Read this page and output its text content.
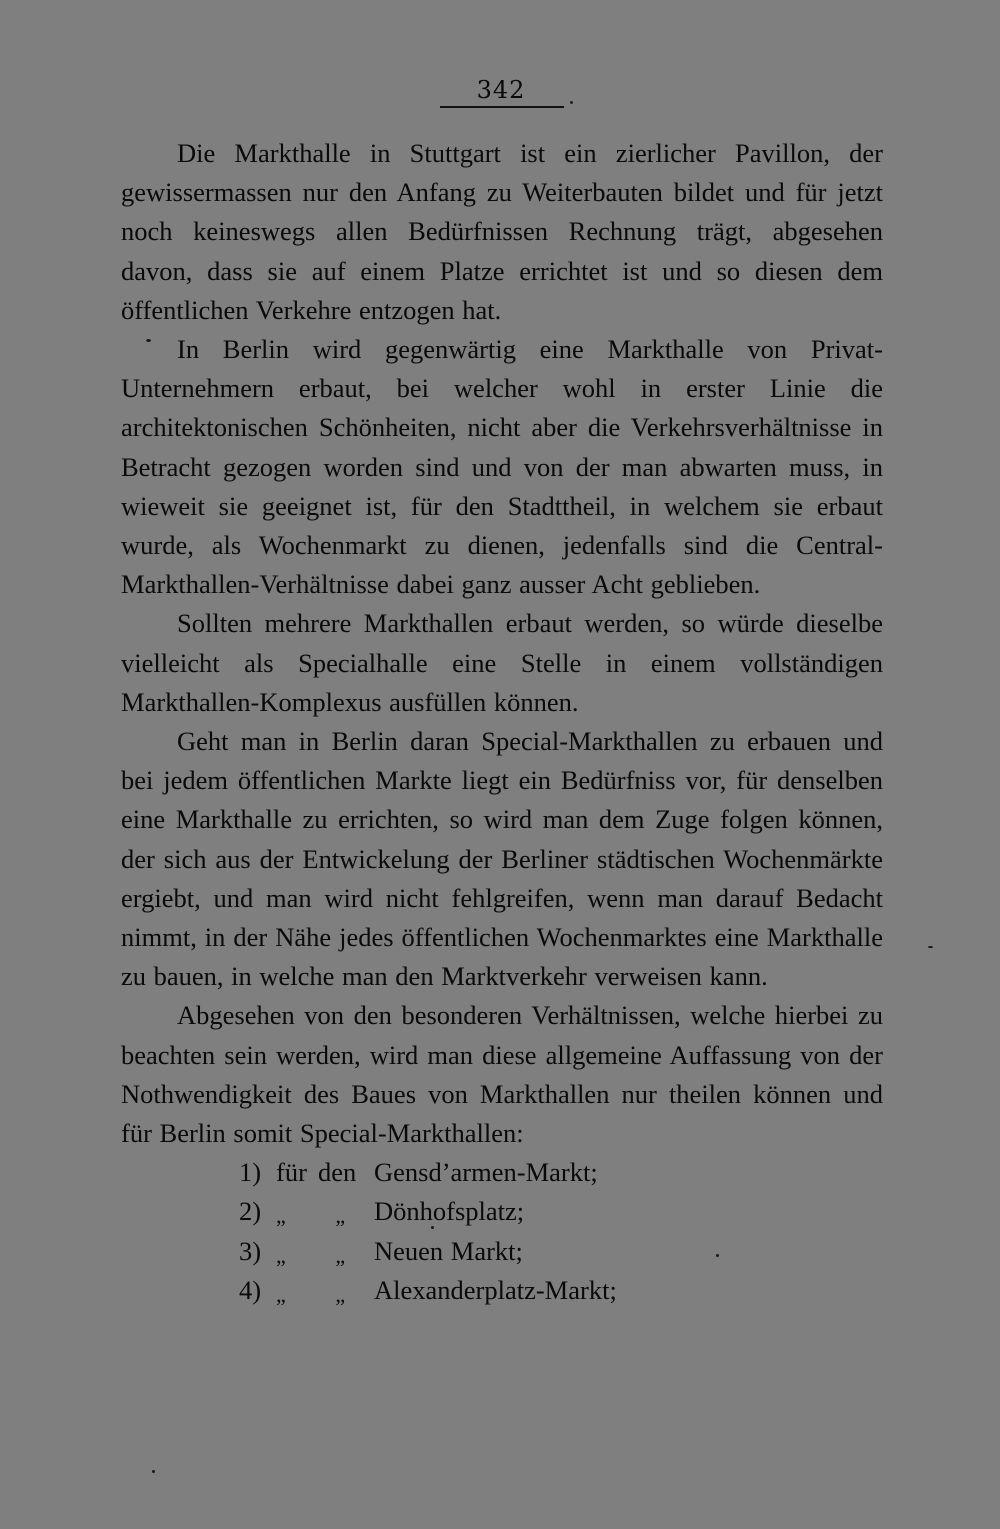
342

Die Markthalle in Stuttgart ist ein zierlicher Pavillon, der gewissermassen nur den Anfang zu Weiterbauten bildet und für jetzt noch keineswegs allen Bedürfnissen Rechnung trägt, abgesehen davon, dass sie auf einem Platze errichtet ist und so diesen dem öffentlichen Verkehre entzogen hat.

In Berlin wird gegenwärtig eine Markthalle von Privat-Unternehmern erbaut, bei welcher wohl in erster Linie die architektonischen Schönheiten, nicht aber die Verkehrsverhältnisse in Betracht gezogen worden sind und von der man abwarten muss, in wieweit sie geeignet ist, für den Stadttheil, in welchem sie erbaut wurde, als Wochenmarkt zu dienen, jedenfalls sind die Central-Markthallen-Verhältnisse dabei ganz ausser Acht geblieben.

Sollten mehrere Markthallen erbaut werden, so würde dieselbe vielleicht als Specialhalle eine Stelle in einem vollständigen Markthallen-Komplexus ausfüllen können.

Geht man in Berlin daran Special-Markthallen zu erbauen und bei jedem öffentlichen Markte liegt ein Bedürfniss vor, für denselben eine Markthalle zu errichten, so wird man dem Zuge folgen können, der sich aus der Entwickelung der Berliner städtischen Wochenmärkte ergiebt, und man wird nicht fehlgreifen, wenn man darauf Bedacht nimmt, in der Nähe jedes öffentlichen Wochenmarktes eine Markthalle zu bauen, in welche man den Marktverkehr verweisen kann.

Abgesehen von den besonderen Verhältnissen, welche hierbei zu beachten sein werden, wird man diese allgemeine Auffassung von der Nothwendigkeit des Baues von Markthallen nur theilen können und für Berlin somit Special-Markthallen:

1) für den Gensd’armen-Markt;
2) „ „ Dönhofsplatz;
3) „ „ Neuen Markt;
4) „ „ Alexanderplatz-Markt;
